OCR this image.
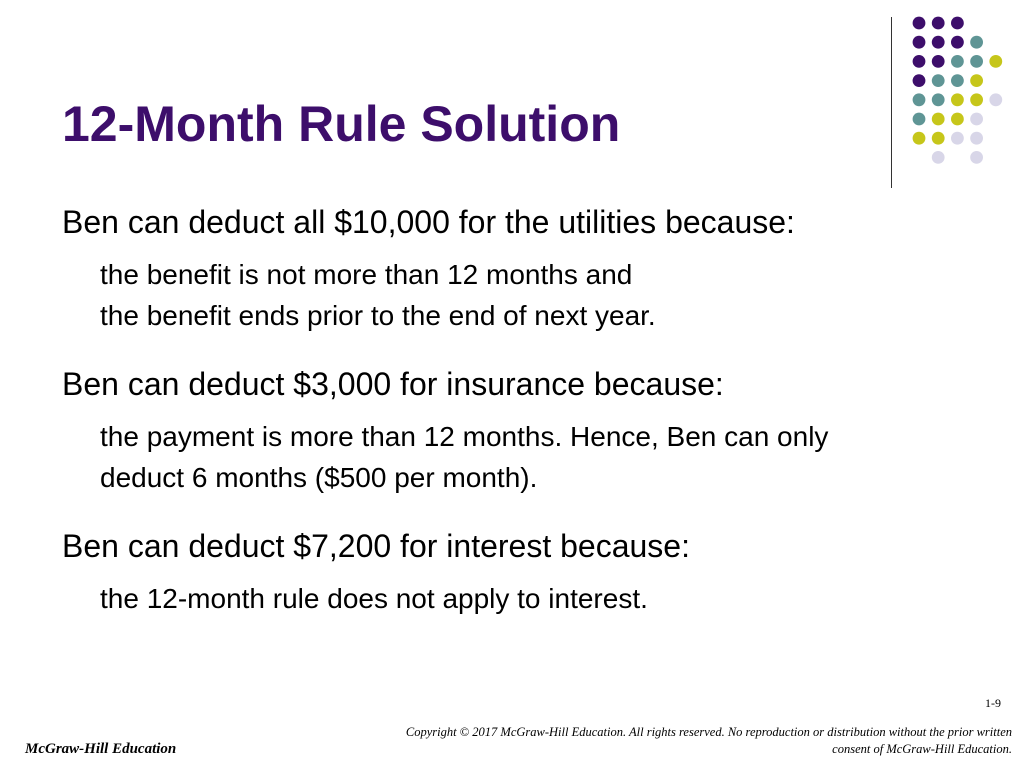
12-Month Rule Solution

Ben can deduct all $10,000 for the utilities because:

the benefit is not more than 12 months and

the benefit ends prior to the end of next year.

Ben can deduct $3,000 for insurance because:

the payment is more than 12 months. Hence, Ben can only deduct 6 months ($500 per month).

Ben can deduct $7,200 for interest because:

the 12-month rule does not apply to interest.

1-9
McGraw-Hill Education
Copyright © 2017 McGraw-Hill Education. All rights reserved. No reproduction or distribution without the prior written
consent of McGraw-Hill Education.
